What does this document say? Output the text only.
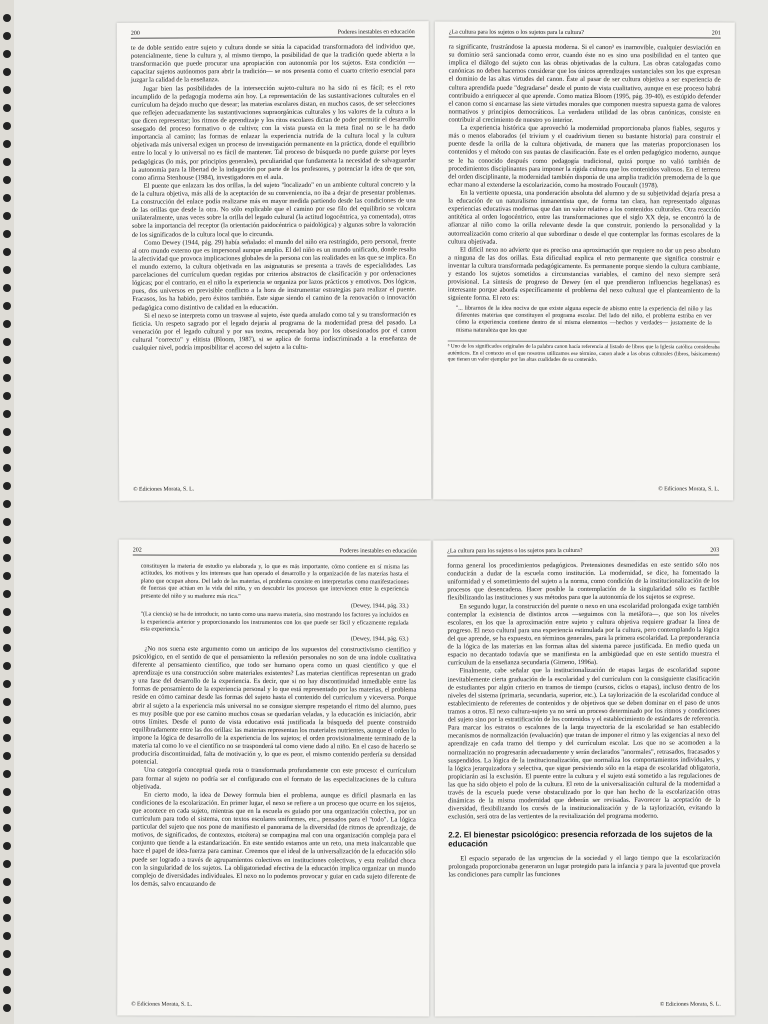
200	Poderes inestables en educación

te de doble sentido entre sujeto y cultura donde se sitúa la capacidad transformadora del individuo que, potencialmente, tiene la cultura y, al mismo tiempo, la posibilidad de que la tradición quede abierta a la transformación que puede procurar una apropiación con autonomía por los sujetos. Esta condición —capacitar sujetos autónomos para abrir la tradición— se nos presenta como el cuarto criterio esencial para juzgar la calidad de la enseñanza.

Jugar bien las posibilidades de la intersección sujeto-cultura no ha sido ni es fácil; es el reto incumplido de la pedagogía moderna aún hoy. La representación de las sustantivaciones culturales en el currículum ha dejado mucho que desear; las materias escolares distan, en muchos casos, de ser selecciones que reflejen adecuadamente las sustantivaciones supraorgánicas culturales y los valores de la cultura a la que dicen representar; los ritmos de aprendizaje y los ritos escolares dictan de poder permitir el desarrollo sosegado del proceso formativo o de cultivo; con la vista puesta en la meta final no se le ha dado importancia al camino; las formas de enlazar la experiencia nutrida de la cultura local y la cultura objetivada más universal exigen un proceso de investigación permanente en la práctica, donde el equilibrio entre lo local y lo universal no es fácil de mantener. Tal proceso de búsqueda no puede guiarse por leyes pedagógicas (lo más, por principios generales), peculiaridad que fundamenta la necesidad de salvaguardar la autonomía para la libertad de la indagación por parte de los profesores, y potenciar la idea de que son, como afirma Stenhouse (1984), investigadores en el aula.

El puente que enlazara las dos orillas, la del sujeto "localizado" en un ambiente cultural concreto y la de la cultura objetiva, más allá de la aceptación de su conveniencia, no iba a dejar de presentar problemas. La construcción del enlace podía realizarse más en mayor medida partiendo desde las condiciones de una de las orillas que desde la otra. No sólo explicable que el camino por ese filo del equilibrio se volcara unilateralmente, unas veces sobre la orilla del legado cultural (la actitud logocéntrica, ya comentada), otras sobre la importancia del receptor (la orientación paidocéntrica o paidológica) y algunas sobre la valoración de los significados de la cultura local que lo circunda.

Como Dewey (1944, pág. 29) había señalado: el mundo del niño era restringido, pero personal, frente al otro mundo externo que es impersonal aunque amplio. El del niño es un mundo unificado, donde resalta la afectividad que provoca implicaciones globales de la persona con las realidades en las que se implica. En el mundo externo, la cultura objetivada en las asignaturas se presenta a través de especialidades. Las parcelaciones del currículum quedan regidas por criterios abstractos de clasificación y por ordenaciones lógicas; por el contrario, en el niño la experiencia se organiza por lazos prácticos y emotivos. Dos lógicas, pues, dos universos en previsible conflicto a la hora de instrumentar estrategias para realizar el puente. Fracasos, los ha habido, pero éxitos también. Este sigue siendo el camino de la renovación o innovación pedagógica como distintivo de calidad en la educación.

Si el nexo se interpreta como un trasvase al sujeto, éste queda anulado como tal y su transformación es ficticia. Un respeto sagrado por el legado dejaría al programa de la modernidad presa del pasado. La veneración por el legado cultural y por sus textos, recuperada hoy por los obsesionados por el canon cultural "correcto" y elitista (Bloom, 1987), si se aplica de forma indiscriminada a la enseñanza de cualquier nivel, podría imposibilitar el acceso del sujeto a la cultu-

© Ediciones Morata, S. L.
¿La cultura para los sujetos o los sujetos para la cultura?	201

ra significante, frustrándose la apuesta moderna. Si el canon³ es inamovible, cualquier desviación en su dominio será sancionada como error, cuando éste no es sino una posibilidad en el tanteo que implica el diálogo del sujeto con las obras objetivadas de la cultura. Las obras catalogadas como canónicas no deben hacernos considerar que los únicos aprendizajes sustanciales son los que expresan el dominio de las altas virtudes del canon. Éste al pasar de ser cultura objetiva a ser experiencia de cultura aprendida puede "degradarse" desde el punto de vista cualitativo, aunque en ese proceso habrá contribuido a enriquecer al que aprende. Como matiza Bloom (1995, pág. 39-40), es estúpido defender el canon como si encarnase las siete virtudes morales que componen nuestra supuesta gama de valores normativos y principios democráticos. La verdadera utilidad de las obras canónicas, consiste en contribuir al crecimiento de nuestro yo interior.

La experiencia histórica que aprovechó la modernidad proporcionaba planos fiables, seguros y más o menos elaborados (el trivium y el cuadrivium tienen su bastante historia) para construir el puente desde la orilla de la cultura objetivada, de manera que las materias proporcionasen los contenidos y el método con sus pautas de clasificación. Éste es el orden pedagógico moderno, aunque se le ha conocido después como pedagogía tradicional, quizá porque no valió también de procedimientos disciplinantes para imponer la rígida cultura que los contenidos valiosos. En el terreno del orden disciplinante, la modernidad también disponía de una amplia tradición premoderna de la que echar mano al extenderse la escolarización, como ha mostrado Foucault (1978).

En la vertiente opuesta, una ponderación absoluta del alumno y de su subjetividad dejaría presa a la educación de un naturalismo inmanentista que, de forma tan clara, han representado algunas experiencias educativas modernas que dan un valor relativo a los contenidos culturales. Otra reacción antitética al orden logocéntrico, entre las transformaciones que el siglo XX deja, se encontró la de afianzar al niño como la orilla relevante desde la que construir, poniendo la personalidad y la autorrealización como criterio al que subordinar o desde el que contemplar las formas escolares de la cultura objetivada.

El difícil nexo no advierte que es preciso una aproximación que requiere no dar un peso absoluto a ninguna de las dos orillas. Esta dificultad explica el reto permanente que significa construir e inventar la cultura transformada pedagógicamente. Es permanente porque siendo la cultura cambiante, y estando los sujetos sometidos a circunstancias variables, el camino del nexo siempre será provisional. La síntesis de progreso de Dewey (en el que prendieron influencias hegelianas) es interesante porque aborda específicamente el problema del nexo cultural que el planteamiento de la siguiente forma. El reto es:

"... librarnos de la idea nociva de que existe alguna especie de abismo entre la experiencia del niño y las diferentes materias que constituyen el programa escolar. Del lado del niño, el problema estriba en ver cómo la experiencia contiene dentro de sí misma elementos —hechos y verdades— justamente de la misma naturaleza que los que

³ Uno de los significados originales de la palabra canon hacía referencia al listado de libros que la Iglesia católica consideraba auténticos. En el contexto en el que nosotros utilizamos ese término, canon alude a las obras culturales (libros, básicamente) que tienen un valor ejemplar por las altas cualidades de su contenido.

© Ediciones Morata, S. L.
202	Poderes inestables en educación

constituyen la materia de estudio ya elaborada y, lo que es más importante, cómo contiene en sí misma las actitudes, los motivos y los intereses que han operado el desarrollo y la organización de las materias hasta el plano que ocupan ahora. Del lado de las materias, el problema consiste en interpretarlas como manifestaciones de fuerzas que actúan en la vida del niño, y en descubrir los procesos que intervienen entre la experiencia presente del niño y su madurez más rica."

(Dewey, 1944, pág. 33.)

"(La ciencia) se ha de introducir, no tanto como una nueva materia, sino mostrando los factores ya incluidos en la experiencia anterior y proporcionando los instrumentos con los que puede ser fácil y eficazmente regulada esta experiencia."

(Dewey, 1944, pág. 63.)

¿No nos suena este argumento como un anticipo de los supuestos del constructivismo científico y psicológico, en el sentido de que el pensamiento la reflexión personales no son de una índole cualitativa diferente al pensamiento científico, que todo ser humano opera como un quasi científico y que el aprendizaje es una construcción sobre materiales existentes? Las materias científicas representan un grado y una fase del desarrollo de la experiencia. Es decir, que si no hay discontinuidad inmediable entre las formas de pensamiento de la experiencia personal y lo que está representado por las materias, el problema reside en cómo caminar desde las formas del sujeto hasta el contenido del currículum y viceversa. Porque abrir al sujeto a la experiencia más universal no se consigue siempre respetando el ritmo del alumno, pues es muy posible que por ese camino muchos cosas se quedarían veladas, y la educación es iniciación, abrir otros límites. Desde el punto de vista educativo está justificada la búsqueda del puente construido equilibradamente entre las dos orillas: las materias representan los materiales nutrientes, aunque el orden lo impone la lógica de desarrollo de la experiencia de los sujetos; el orden provisionalmente terminado de la materia tal como lo ve el científico no se trasponderá tal como viene dado al niño. En el caso de hacerlo se produciría discontinuidad, falta de motivación y, lo que es peor, el mismo contenido perdería su densidad potencial.

Una categoría conceptual queda rota o transformada profundamente con este proceso: el currículum para formar al sujeto no podría ser el configurado con el formato de las especializaciones de la cultura objetivada.

En cierto modo, la idea de Dewey formula bien el problema, aunque es difícil plasmarla en las condiciones de la escolarización. En primer lugar, el nexo se refiere a un proceso que ocurre en los sujetos, que acontece en cada sujeto, mientras que en la escuela es guiado por una organización colectiva, por un currículum para todo el sistema, con textos escolares uniformes, etc., pensados para el "todo". La lógica particular del sujeto que nos pone de manifiesto el panorama de la diversidad (de ritmos de aprendizaje, de motivos, de significados, de contextos, etcétera) se compagina mal con una organización compleja para el conjunto que tiende a la estandarización. En este sentido estamos ante un reto, una meta inalcanzable que hace el papel de idea-fuerza para caminar. Creemos que el ideal de la universalización de la educación sólo puede ser logrado a través de agrupamientos colectivos en instituciones colectivas, y esta realidad choca con la singularidad de los sujetos. La obligatoriedad efectiva de la educación implica organizar un mundo complejo de diversidades individuales. El nexo no lo podemos provocar y guiar en cada sujeto diferente de los demás, salvo encauzando de

© Ediciones Morata, S. L.
¿La cultura para los sujetos o los sujetos para la cultura?	203

forma general los procedimientos pedagógicos. Pretensiones desmedidas en este sentido sólo nos conducirán a dudar de la escuela como institución. La modernidad, se dice, ha fomentado la uniformidad y el sometimiento del sujeto a la norma, como condición de la institucionalización de los procesos que desencadena. Hacer posible la contemplación de la singularidad sólo es factible flexibilizando las instituciones y sus métodos para que la autonomía de los sujetos se exprese.

En segundo lugar, la construcción del puente o nexo en una escolaridad prolongada exige también contemplar la existencia de distintos arcos —seguimos con la metáfora—, que son los niveles escolares, en los que la aproximación entre sujeto y cultura objetiva requiere graduar la línea de progreso. El nexo cultural para una experiencia estimulada por la cultura, pero contemplando la lógica del que aprende, se ha expuesto, en términos generales, para la primera escolaridad. La preponderancia de la lógica de las materias en las formas altas del sistema parece justificada. En medio queda un espacio no decantado todavía que se manifiesta en la ambigüedad que en este sentido muestra el currículum de la enseñanza secundaria (Gimeno, 1996a).

Finalmente, cabe señalar que la institucionalización de etapas largas de escolaridad supone inevitablemente cierta graduación de la escolaridad y del currículum con la consiguiente clasificación de estudiantes por algún criterio en tramos de tiempo (cursos, ciclos o etapas), incluso dentro de los niveles del sistema (primaria, secundaria, superior, etc.). La taylorización de la escolaridad conduce al establecimiento de referentes de contenidos y de objetivos que se deben dominar en el paso de unos tramos a otros. El nexo cultura-sujeto ya no será un proceso determinado por los ritmos y condiciones del sujeto sino por la estratificación de los contenidos y el establecimiento de estándares de referencia. Para marcar los estratos o escalones de la larga trayectoria de la escolaridad se han establecido mecanismos de normalización (evaluación) que tratan de imponer el ritmo y las exigencias al nexo del aprendizaje en cada tramo del tiempo y del currículum escolar. Los que no se acomoden a la normalización no progresarán adecuadamente y serán declarados "anormales", retrasados, fracasados y suspendidos. La lógica de la institucionalización, que normaliza los comportamientos individuales, y la lógica jerarquizadora y selectiva, que sigue persiviendo sólo en la etapa de escolaridad obligatoria, propiciarán así la exclusión. El puente entre la cultura y el sujeto está sometido a las regulaciones de las que ha sido objeto el polo de la cultura. El reto de la universalización cultural de la modernidad a través de la escuela puede verse obstaculizado por lo que han hecho de la escolarización otras dinámicas de la misma modernidad que deberán ser revisadas. Favorecer la aceptación de la diversidad, flexibilizando los corsés de la institucionalización y de la taylorización, evitando la exclusión, será otra de las vertientes de la revitalización del programa moderno.

2.2. El bienestar psicológico: presencia reforzada de los sujetos de la educación

El espacio separado de las urgencias de la sociedad y el largo tiempo que la escolarización prolongada proporcionaba generaron un lugar protegido para la infancia y para la juventud que provela las condiciones para cumplir las funciones

© Ediciones Morata, S. L.
